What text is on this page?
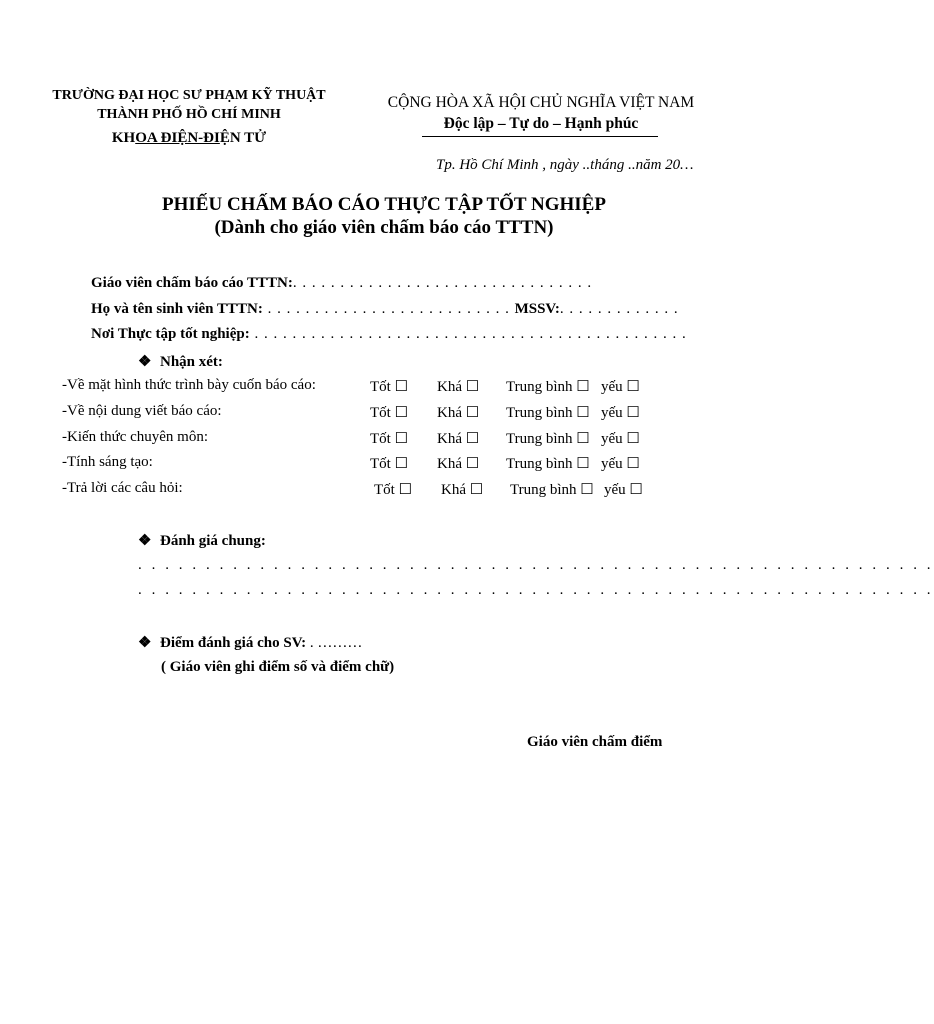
TRƯỜNG ĐẠI HỌC SƯ PHẠM KỸ THUẬT
THÀNH PHỐ HỒ CHÍ MINH
KHOA ĐIỆN-ĐIỆN TỬ
CỘNG HÒA XÃ HỘI CHỦ NGHĨA VIỆT NAM
Độc lập – Tự do – Hạnh phúc
Tp. Hồ Chí Minh , ngày ..tháng ..năm 20…
PHIẾU CHẤM BÁO CÁO THỰC TẬP TỐT NGHIỆP
(Dành cho giáo viên chấm báo cáo TTTN)
Giáo viên chấm báo cáo TTTN:. . . . . . . . . . . . . . . . . . . . . . . . . . . . . . . .
Họ và tên sinh viên TTTN: . . . . . . . . . . . . . . . . . . . . . . . . . . MSSV:. . . . . . . . . . . . .
Nơi Thực tập tốt nghiệp: . . . . . . . . . . . . . . . . . . . . . . . . . . . . . . . . . . . . . . . . . . . . . .
❖ Nhận xét:
-Về mặt hình thức trình bày cuốn báo cáo:	Tốt ☐ Khá ☐ Trung bình ☐ yếu ☐
-Về nội dung viết báo cáo:	Tốt ☐ Khá ☐ Trung bình ☐ yếu ☐
-Kiến thức chuyên môn:	Tốt ☐ Khá ☐ Trung bình ☐ yếu ☐
-Tính sáng tạo:	Tốt ☐ Khá ☐ Trung bình ☐ yếu ☐
-Trả lời các câu hỏi:	Tốt ☐ Khá ☐ Trung bình ☐ yếu ☐
❖ Đánh giá chung:
. . . . . . . . . . . . . . . . . . . . . . . . . . . . . . . . . . . . . . . . . . . . . . . . . . . . . . . . . . .
. . . . . . . . . . . . . . . . . . . . . . . . . . . . . . . . . . . . . . . . . . . . . . . . . . . . . . . . . . .
❖ Điểm đánh giá cho SV: . ………
( Giáo viên ghi điểm số và điểm chữ)
Giáo viên chấm điểm
